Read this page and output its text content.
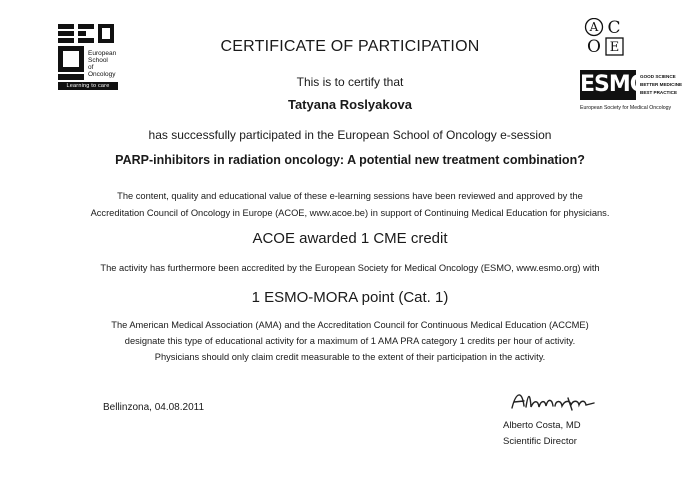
European
School
of
Oncology
Learning to care
A C
O E
ESMO
GOOD SCIENCE
BETTER MEDICINE
BEST PRACTICE
European Society for Medical Oncology
CERTIFICATE OF PARTICIPATION
This is to certify that
Tatyana Roslyakova
has successfully participated in the European School of Oncology e-session
PARP-inhibitors in radiation oncology: A potential new treatment combination?
The content, quality and educational value of these e-learning sessions have been reviewed and approved by the
Accreditation Council of Oncology in Europe (ACOE, www.acoe.be) in support of Continuing Medical Education for physicians.
ACOE awarded 1 CME credit
The activity has furthermore been accredited by the European Society for Medical Oncology (ESMO, www.esmo.org) with
1 ESMO-MORA point (Cat. 1)
The American Medical Association (AMA) and the Accreditation Council for Continuous Medical Education (ACCME)
designate this type of educational activity for a maximum of 1 AMA PRA category 1 credits per hour of activity.
Physicians should only claim credit measurable to the extent of their participation in the activity.
Bellinzona, 04.08.2011
Alberto Costa, MD
Scientific Director
